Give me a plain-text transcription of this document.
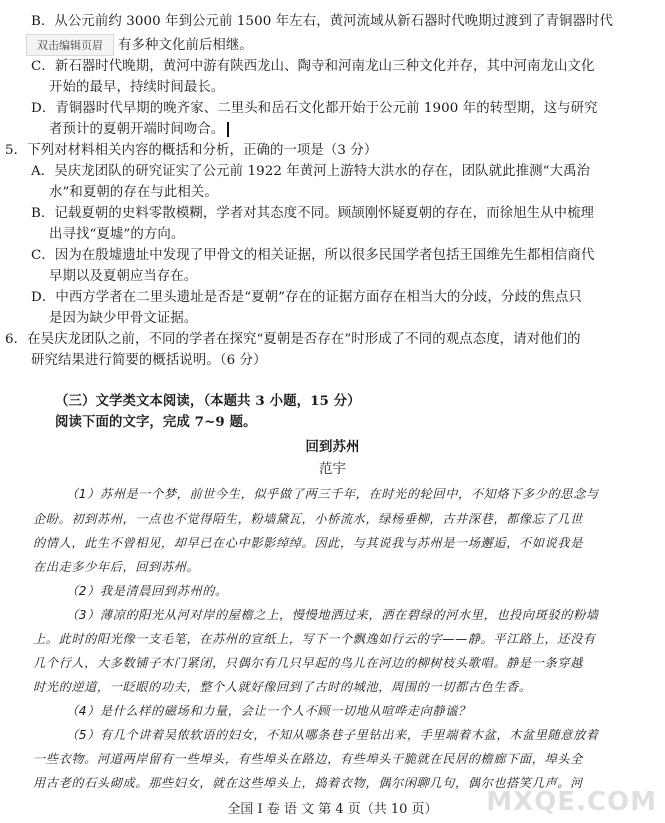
双击编辑页眉
B．从公元前约 3000 年到公元前 1500 年左右，黄河流域从新石器时代晚期过渡到了青铜器时代
有多种文化前后相继。
C．新石器时代晚期，黄河中游有陕西龙山、陶寺和河南龙山三种文化并存，其中河南龙山文化
开始的最早，持续时间最长。
D．青铜器时代早期的晚齐家、二里头和岳石文化都开始于公元前 1900 年的转型期，这与研究
者预计的夏朝开端时间吻合。
5．下列对材料相关内容的概括和分析，正确的一项是（3 分）
A．吴庆龙团队的研究证实了公元前 1922 年黄河上游特大洪水的存在，团队就此推测“大禹治
水”和夏朝的存在与此相关。
B．记载夏朝的史料零散模糊，学者对其态度不同。顾颉刚怀疑夏朝的存在，而徐旭生从中梳理
出寻找“夏墟”的方向。
C．因为在殷墟遗址中发现了甲骨文的相关证据，所以很多民国学者包括王国维先生都相信商代
早期以及夏朝应当存在。
D．中西方学者在二里头遗址是否是“夏朝”存在的证据方面存在相当大的分歧，分歧的焦点只
是因为缺少甲骨文证据。
6．在吴庆龙团队之前，不同的学者在探究“夏朝是否存在”时形成了不同的观点态度，请对他们的
研究结果进行简要的概括说明。（6 分）
（三）文学类文本阅读，（本题共 3 小题，15 分）
阅读下面的文字，完成 7~9 题。
回到苏州
范宇
（1）苏州是一个梦，前世今生，似乎做了两三千年，在时光的轮回中，不知烙下多少的思念与
企盼。初到苏州，一点也不觉得陌生，粉墙黛瓦，小桥流水，绿杨垂柳，古井深巷，都像忘了几世
的情人，此生不曾相见，却早已在心中影影绰绰。因此，与其说我与苏州是一场邂逅，不如说我是
在出走多少年后，回到苏州。
（2）我是清晨回到苏州的。
（3）薄凉的阳光从河对岸的屋檐之上，慢慢地洒过来，洒在碧绿的河水里，也投向斑驳的粉墙
上。此时的阳光像一支毛笔，在苏州的宣纸上，写下一个飘逸如行云的字——静。平江路上，还没有
几个行人，大多数铺子木门紧闭，只偶尔有几只早起的鸟儿在河边的柳树枝头歌唱。静是一条穿越
时光的逆道，一眨眼的功夫，整个人就好像回到了古时的城池，周围的一切都古色生香。
（4）是什么样的磁场和力量，会让一个人不顾一切地从喧哗走向静谧？
（5）有几个讲着吴侬软语的妇女，不知从哪条巷子里钻出来，手里端着木盆，木盆里随意放着
一些衣物。河道两岸留有一些埠头，有些埠头在路边，有些埠头干脆就在民居的檐廊下面，埠头全
用古老的石头砌成。那些妇女，就在这些埠头上，捣着衣物，偶尔闲聊几句，偶尔也搭笑几声。河
全国 I 卷 语 文 第 4 页（共 10 页）	MXQE.COM
